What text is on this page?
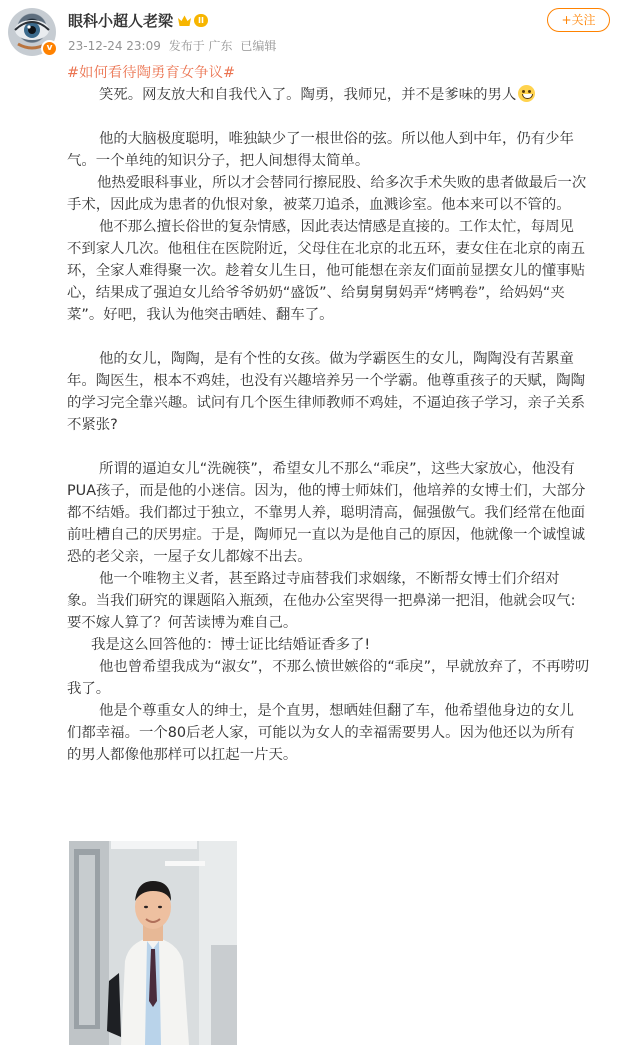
v
眼科小超人老梁	II
23-12-24 23:09 发布于 广东 已编辑
+关注
#如何看待陶勇育女争议#
笑死。网友放大和自我代入了。陶勇，我师兄，并不是爹味的男人
他的大脑极度聪明，唯独缺少了一根世俗的弦。所以他人到中年，仍有少年
气。一个单纯的知识分子，把人间想得太简单。
他热爱眼科事业，所以才会替同行擦屁股、给多次手术失败的患者做最后一次
手术，因此成为患者的仇恨对象，被菜刀追杀，血溅诊室。他本来可以不管的。
他不那么擅长俗世的复杂情感，因此表达情感是直接的。工作太忙，每周见
不到家人几次。他租住在医院附近，父母住在北京的北五环，妻女住在北京的南五
环，全家人难得聚一次。趁着女儿生日，他可能想在亲友们面前显摆女儿的懂事贴
心，结果成了强迫女儿给爷爷奶奶“盛饭”、给舅舅舅妈弄“烤鸭卷”，给妈妈“夹
菜”。好吧，我认为他突击晒娃、翻车了。
他的女儿，陶陶，是有个性的女孩。做为学霸医生的女儿，陶陶没有苦累童
年。陶医生，根本不鸡娃，也没有兴趣培养另一个学霸。他尊重孩子的天赋，陶陶
的学习完全靠兴趣。试问有几个医生律师教师不鸡娃，不逼迫孩子学习，亲子关系
不紧张?
所谓的逼迫女儿“洗碗筷”，希望女儿不那么“乖戾”，这些大家放心，他没有
PUA孩子，而是他的小迷信。因为，他的博士师妹们，他培养的女博士们，大部分
都不结婚。我们都过于独立，不靠男人养，聪明清高，倔强傲气。我们经常在他面
前吐槽自己的厌男症。于是，陶师兄一直以为是他自己的原因，他就像一个诚惶诚
恐的老父亲，一屋子女儿都嫁不出去。
他一个唯物主义者，甚至路过寺庙替我们求姻缘，不断帮女博士们介绍对
象。当我们研究的课题陷入瓶颈，在他办公室哭得一把鼻涕一把泪，他就会叹气:
要不嫁人算了？何苦读博为难自己。
我是这么回答他的：博士证比结婚证香多了!
他也曾希望我成为“淑女”，不那么愤世嫉俗的“乖戾”，早就放弃了，不再唠叨
我了。
他是个尊重女人的绅士，是个直男，想晒娃但翻了车，他希望他身边的女儿
们都幸福。一个80后老人家，可能以为女人的幸福需要男人。因为他还以为所有
的男人都像他那样可以扛起一片天。
